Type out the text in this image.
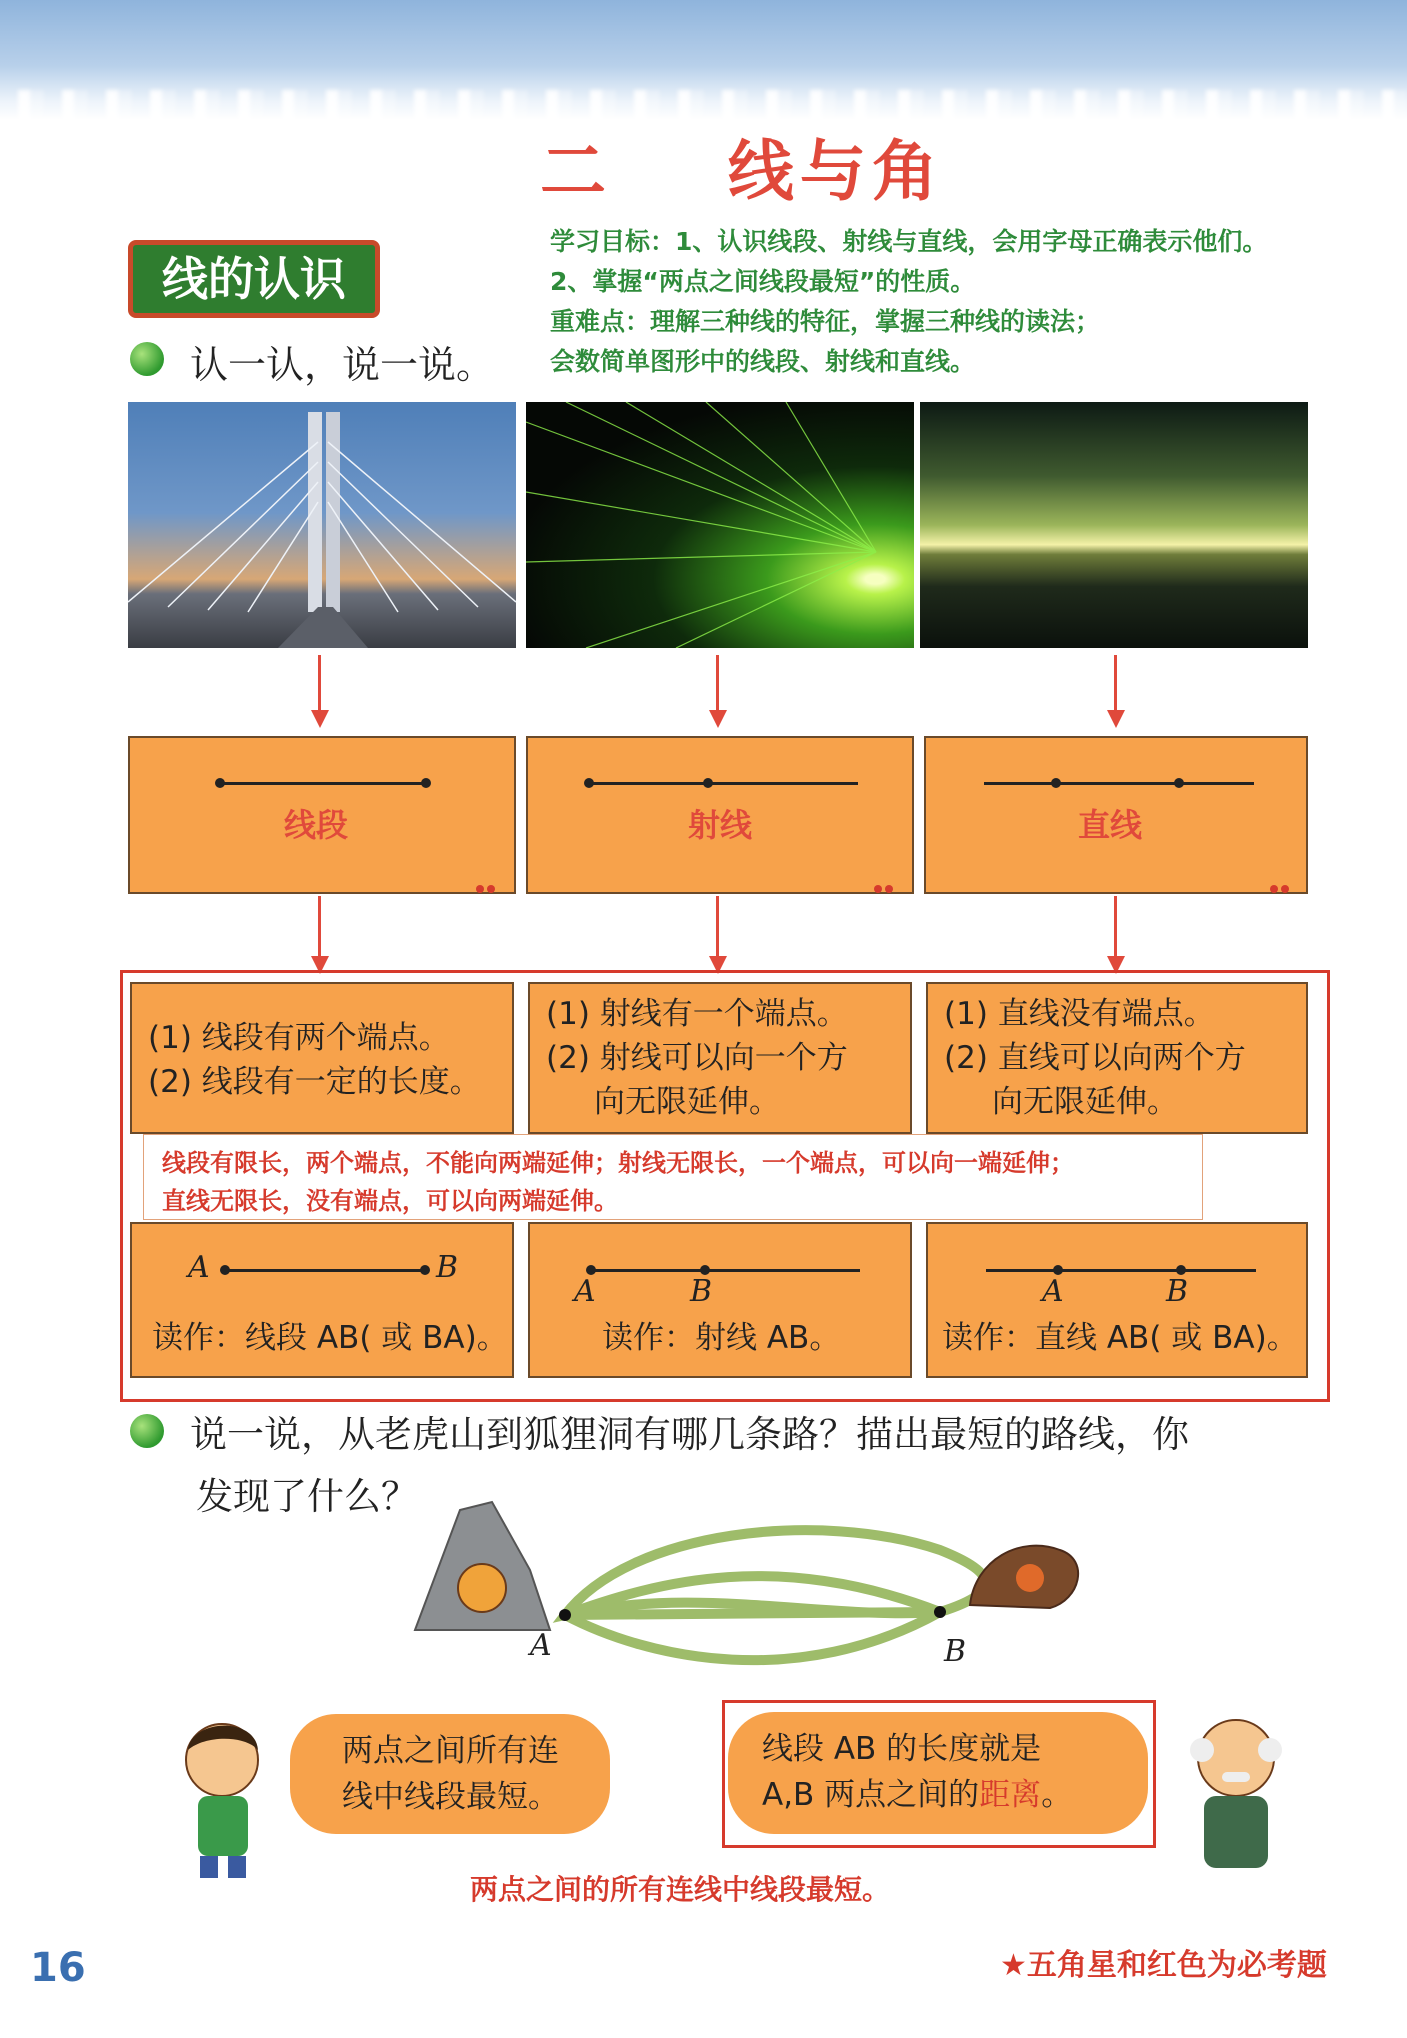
二    线与角
线的认识
学习目标：1、认识线段、射线与直线，会用字母正确表示他们。
2、掌握“两点之间线段最短”的性质。
重难点：理解三种线的特征，掌握三种线的读法；
会数简单图形中的线段、射线和直线。
认一认，说一说。
线段	射线	直线
(1) 线段有两个端点。
(2) 线段有一定的长度。
(1) 射线有一个端点。
(2) 射线可以向一个方
向无限延伸。
(1) 直线没有端点。
(2) 直线可以向两个方
向无限延伸。
线段有限长，两个端点，不能向两端延伸；射线无限长，一个端点，可以向一端延伸；
直线无限长，没有端点，可以向两端延伸。
A	B
读作：线段 AB( 或 BA)。
A	B
读作：射线 AB。
A	B
读作：直线 AB( 或 BA)。
说一说，从老虎山到狐狸洞有哪几条路？描出最短的路线，你
发现了什么？
A	B
两点之间所有连
线中线段最短。
线段 AB 的长度就是
A,B 两点之间的距离。
两点之间的所有连线中线段最短。
16	★五角星和红色为必考题
